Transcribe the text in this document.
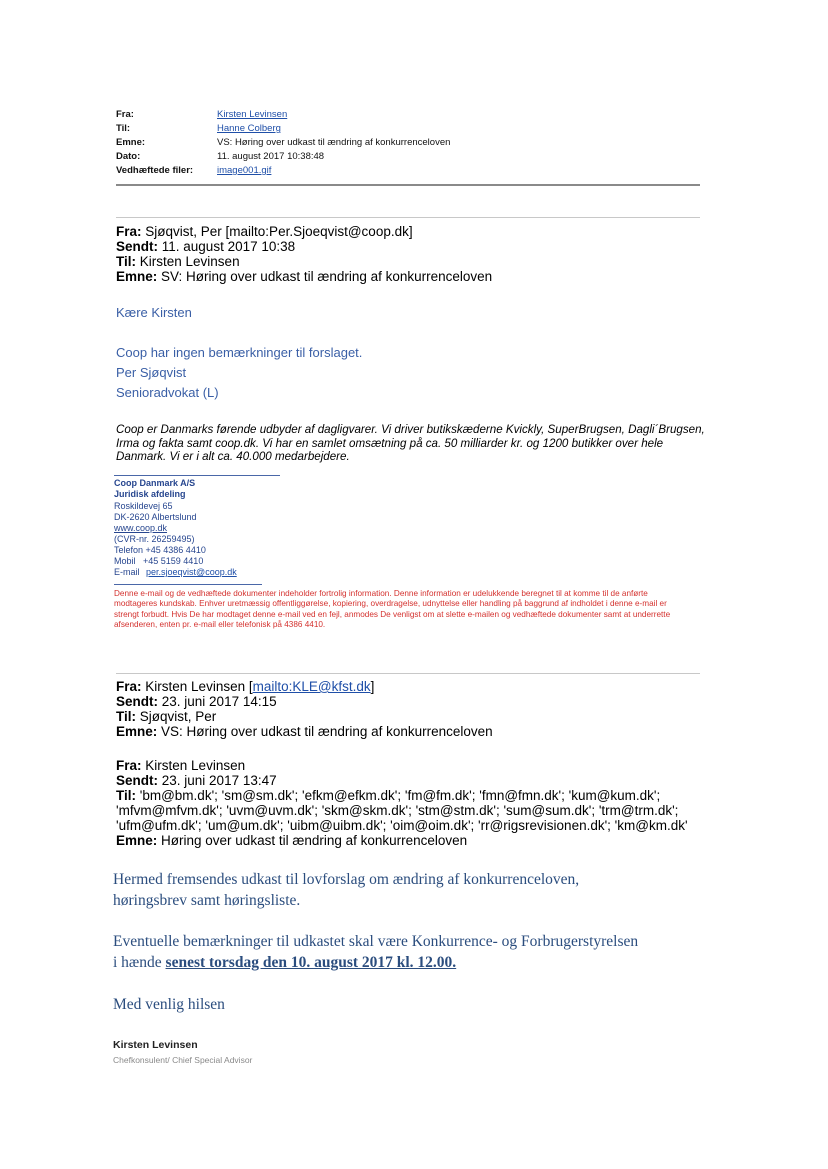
Fra:	Kirsten Levinsen
Til:	Hanne Colberg
Emne:	VS: Høring over udkast til ændring af konkurrenceloven
Dato:	11. august 2017 10:38:48
Vedhæftede filer:	image001.gif
Fra: Sjøqvist, Per [mailto:Per.Sjoeqvist@coop.dk]
Sendt: 11. august 2017 10:38
Til: Kirsten Levinsen
Emne: SV: Høring over udkast til ændring af konkurrenceloven
Kære Kirsten
Coop har ingen bemærkninger til forslaget.
Per Sjøqvist
Senioradvokat (L)
Coop er Danmarks førende udbyder af dagligvarer. Vi driver butikskæderne Kvickly, SuperBrugsen, Dagli´Brugsen, Irma og fakta samt coop.dk. Vi har en samlet omsætning på ca. 50 milliarder kr. og 1200 butikker over hele Danmark. Vi er i alt ca. 40.000 medarbejdere.
Coop Danmark A/S
Juridisk afdeling
Roskildevej 65
DK-2620 Albertslund
www.coop.dk
(CVR-nr. 26259495)
Telefon +45 4386 4410
Mobil   +45 5159 4410
E-mail per.sjoeqvist@coop.dk
Denne e-mail og de vedhæftede dokumenter indeholder fortrolig information. Denne information er udelukkende beregnet til at komme til de anførte modtageres kundskab. Enhver uretmæssig offentliggørelse, kopiering, overdragelse, udnyttelse eller handling på baggrund af indholdet i denne e-mail er strengt forbudt. Hvis De har modtaget denne e-mail ved en fejl, anmodes De venligst om at slette e-mailen og vedhæftede dokumenter samt at underrette afsenderen, enten pr. e-mail eller telefonisk på 4386 4410.
Fra: Kirsten Levinsen [mailto:KLE@kfst.dk]
Sendt: 23. juni 2017 14:15
Til: Sjøqvist, Per
Emne: VS: Høring over udkast til ændring af konkurrenceloven
Fra: Kirsten Levinsen
Sendt: 23. juni 2017 13:47
Til: 'bm@bm.dk'; 'sm@sm.dk'; 'efkm@efkm.dk'; 'fm@fm.dk'; 'fmn@fmn.dk'; 'kum@kum.dk';
'mfvm@mfvm.dk'; 'uvm@uvm.dk'; 'skm@skm.dk'; 'stm@stm.dk'; 'sum@sum.dk'; 'trm@trm.dk';
'ufm@ufm.dk'; 'um@um.dk'; 'uibm@uibm.dk'; 'oim@oim.dk'; 'rr@rigsrevisionen.dk'; 'km@km.dk'
Emne: Høring over udkast til ændring af konkurrenceloven
Hermed fremsendes udkast til lovforslag om ændring af konkurrenceloven,
høringsbrev samt høringsliste.
Eventuelle bemærkninger til udkastet skal være Konkurrence- og Forbrugerstyrelsen
i hænde senest torsdag den 10. august 2017 kl. 12.00.
Med venlig hilsen
Kirsten Levinsen
Chefkonsulent/ Chief Special Advisor
